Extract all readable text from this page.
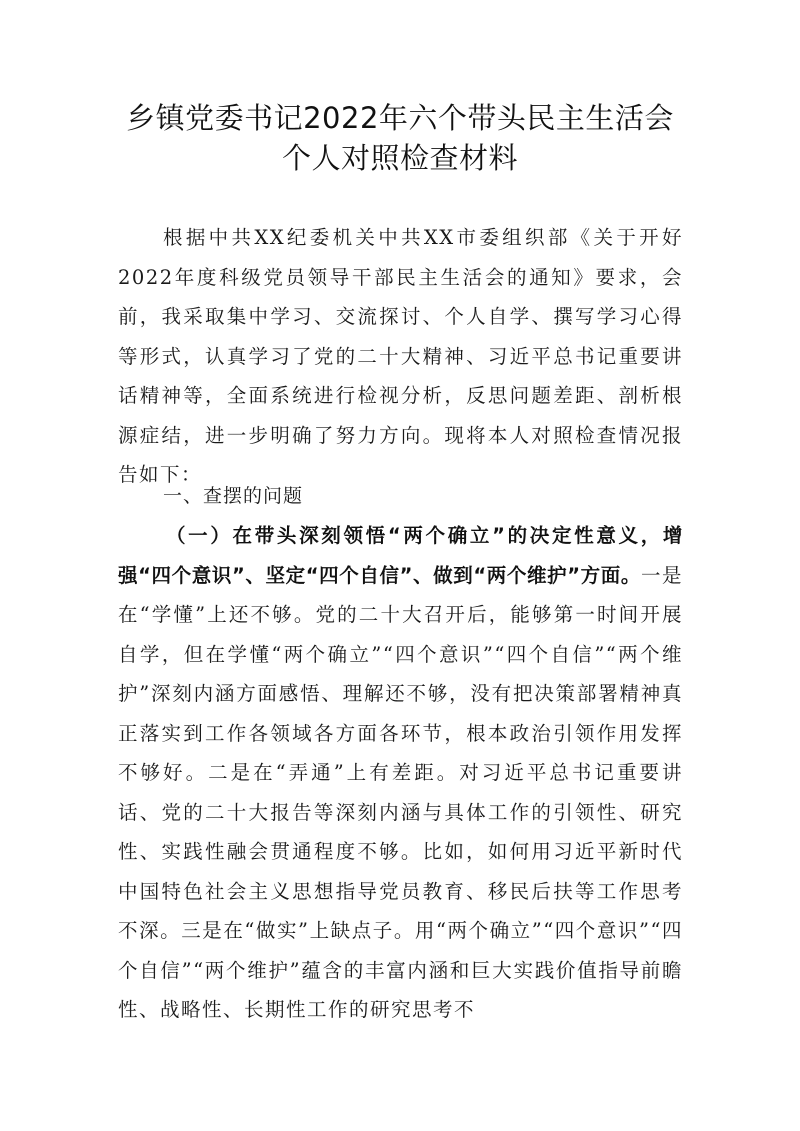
乡镇党委书记2022年六个带头民主生活会
个人对照检查材料

根据中共XX纪委机关中共XX市委组织部《关于开好2022年度科级党员领导干部民主生活会的通知》要求，会前，我采取集中学习、交流探讨、个人自学、撰写学习心得等形式，认真学习了党的二十大精神、习近平总书记重要讲话精神等，全面系统进行检视分析，反思问题差距、剖析根源症结，进一步明确了努力方向。现将本人对照检查情况报告如下：

一、查摆的问题

（一）在带头深刻领悟“两个确立”的决定性意义，增强“四个意识”、坚定“四个自信”、做到“两个维护”方面。一是在“学懂”上还不够。党的二十大召开后，能够第一时间开展自学，但在学懂“两个确立”“四个意识”“四个自信”“两个维护”深刻内涵方面感悟、理解还不够，没有把决策部署精神真正落实到工作各领域各方面各环节，根本政治引领作用发挥不够好。二是在“弄通”上有差距。对习近平总书记重要讲话、党的二十大报告等深刻内涵与具体工作的引领性、研究性、实践性融会贯通程度不够。比如，如何用习近平新时代中国特色社会主义思想指导党员教育、移民后扶等工作思考不深。三是在“做实”上缺点子。用“两个确立”“四个意识”“四个自信”“两个维护”蕴含的丰富内涵和巨大实践价值指导前瞻性、战略性、长期性工作的研究思考不
